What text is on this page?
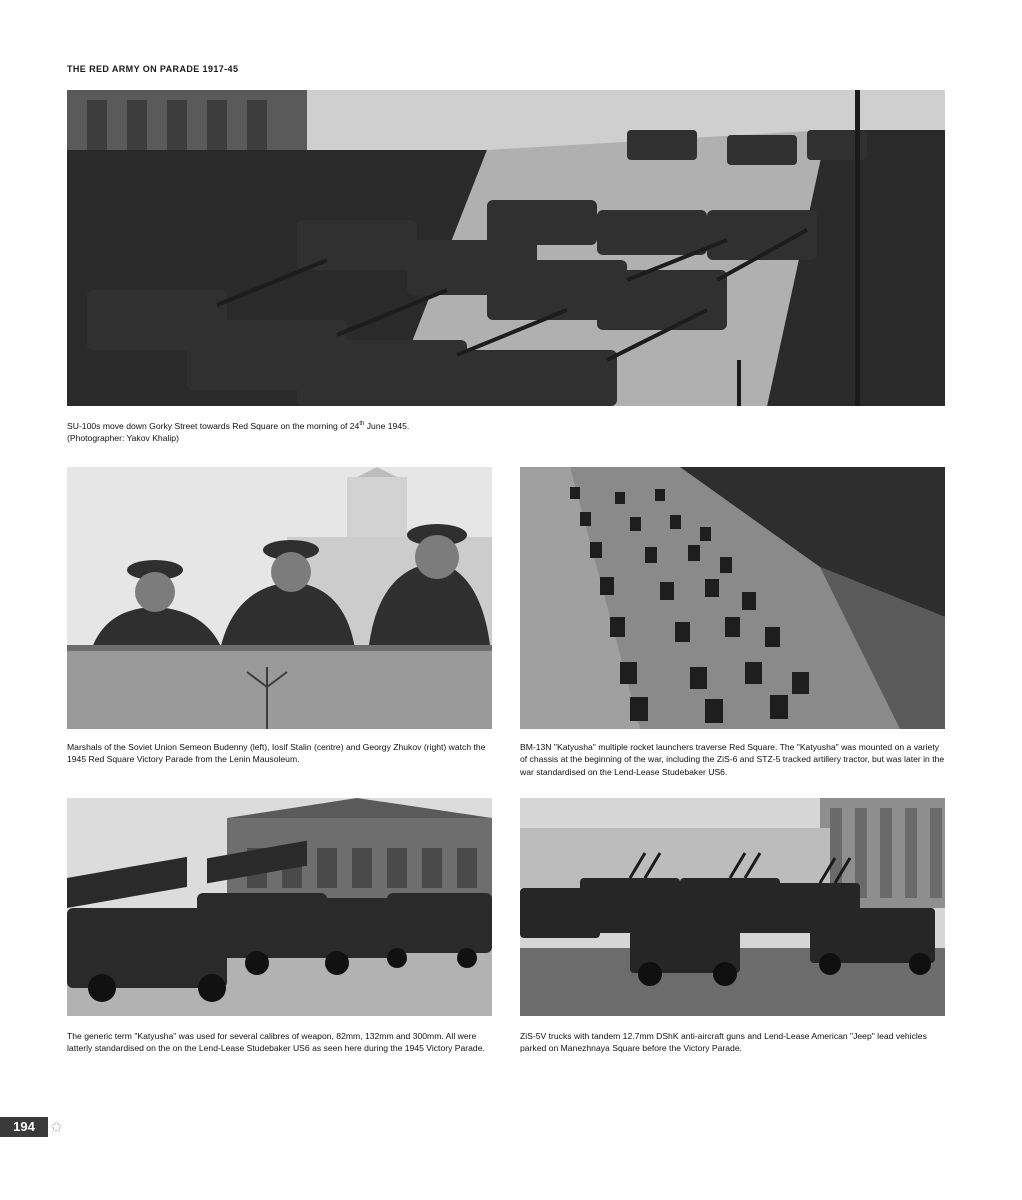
THE RED ARMY ON PARADE 1917-45
SU-100s move down Gorky Street towards Red Square on the morning of 24th June 1945.
(Photographer: Yakov Khalip)
Marshals of the Soviet Union Semeon Budenny (left), Iosif Stalin (centre) and Georgy Zhukov (right) watch the 1945 Red Square Victory Parade from the Lenin Mausoleum.
BM-13N "Katyusha" multiple rocket launchers traverse Red Square. The "Katyusha" was mounted on a variety of chassis at the beginning of the war, including the ZiS-6 and STZ-5 tracked artillery tractor, but was later in the war standardised on the Lend-Lease Studebaker US6.
The generic term "Katyusha" was used for several calibres of weapon, 82mm, 132mm and 300mm. All were latterly standardised on the on the Lend-Lease Studebaker US6 as seen here during the 1945 Victory Parade.
ZiS-5V trucks with tandem 12.7mm DShK anti-aircraft guns and Lend-Lease American "Jeep" lead vehicles parked on Manezhnaya Square before the Victory Parade.
194	✩
